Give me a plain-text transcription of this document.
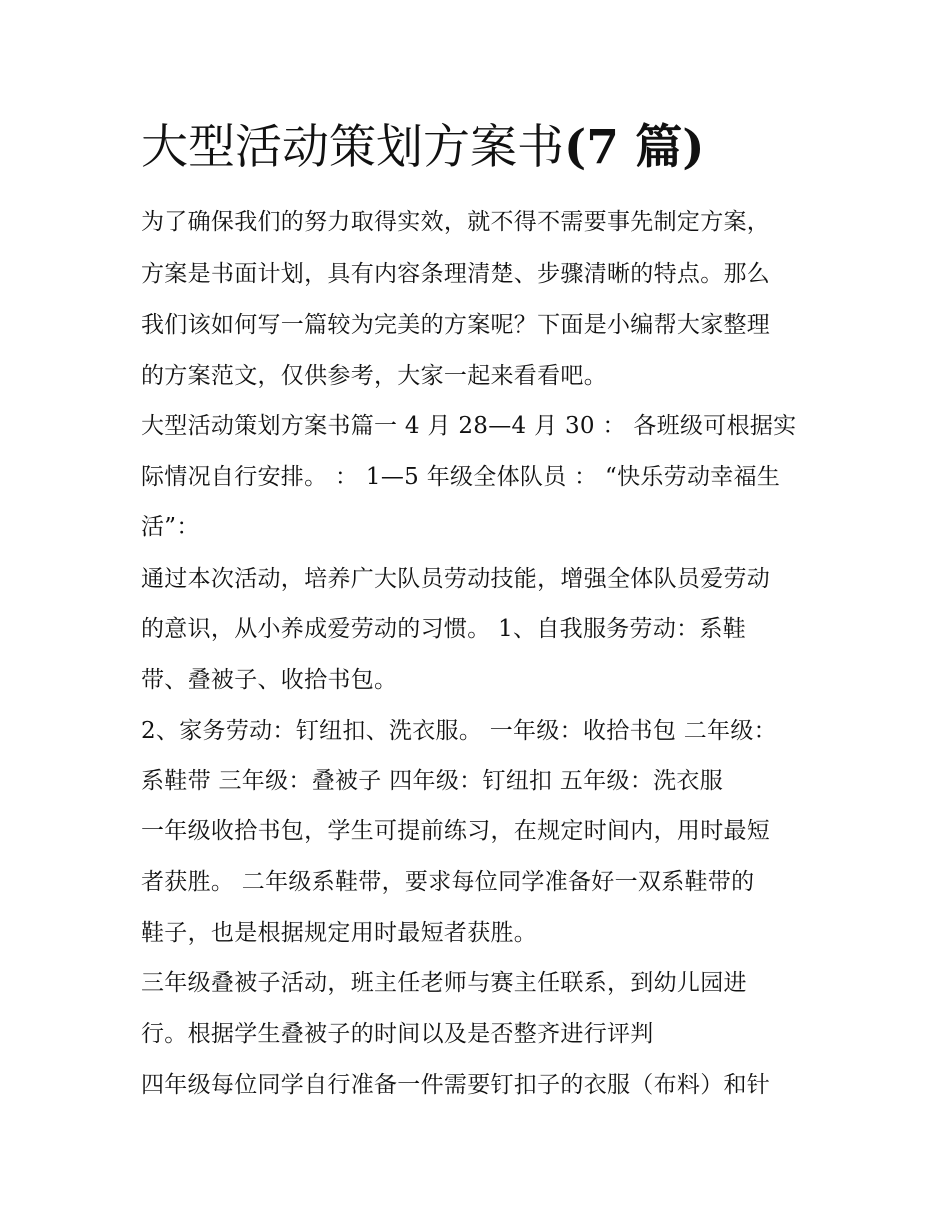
大型活动策划方案书(7 篇)

为了确保我们的努力取得实效，就不得不需要事先制定方案，

方案是书面计划，具有内容条理清楚、步骤清晰的特点。那么

我们该如何写一篇较为完美的方案呢？下面是小编帮大家整理

的方案范文，仅供参考，大家一起来看看吧。

大型活动策划方案书篇一 4 月 28—4 月 30 ： 各班级可根据实

际情况自行安排。 ： 1—5 年级全体队员 ： “快乐劳动幸福生

活”：

通过本次活动，培养广大队员劳动技能，增强全体队员爱劳动

的意识，从小养成爱劳动的习惯。 1、自我服务劳动：系鞋

带、叠被子、收拾书包。

2、家务劳动：钉纽扣、洗衣服。 一年级：收拾书包 二年级：

系鞋带 三年级：叠被子 四年级：钉纽扣 五年级：洗衣服

一年级收拾书包，学生可提前练习，在规定时间内，用时最短

者获胜。 二年级系鞋带，要求每位同学准备好一双系鞋带的

鞋子，也是根据规定用时最短者获胜。

三年级叠被子活动，班主任老师与赛主任联系，到幼儿园进

行。根据学生叠被子的时间以及是否整齐进行评判

四年级每位同学自行准备一件需要钉扣子的衣服（布料）和针
